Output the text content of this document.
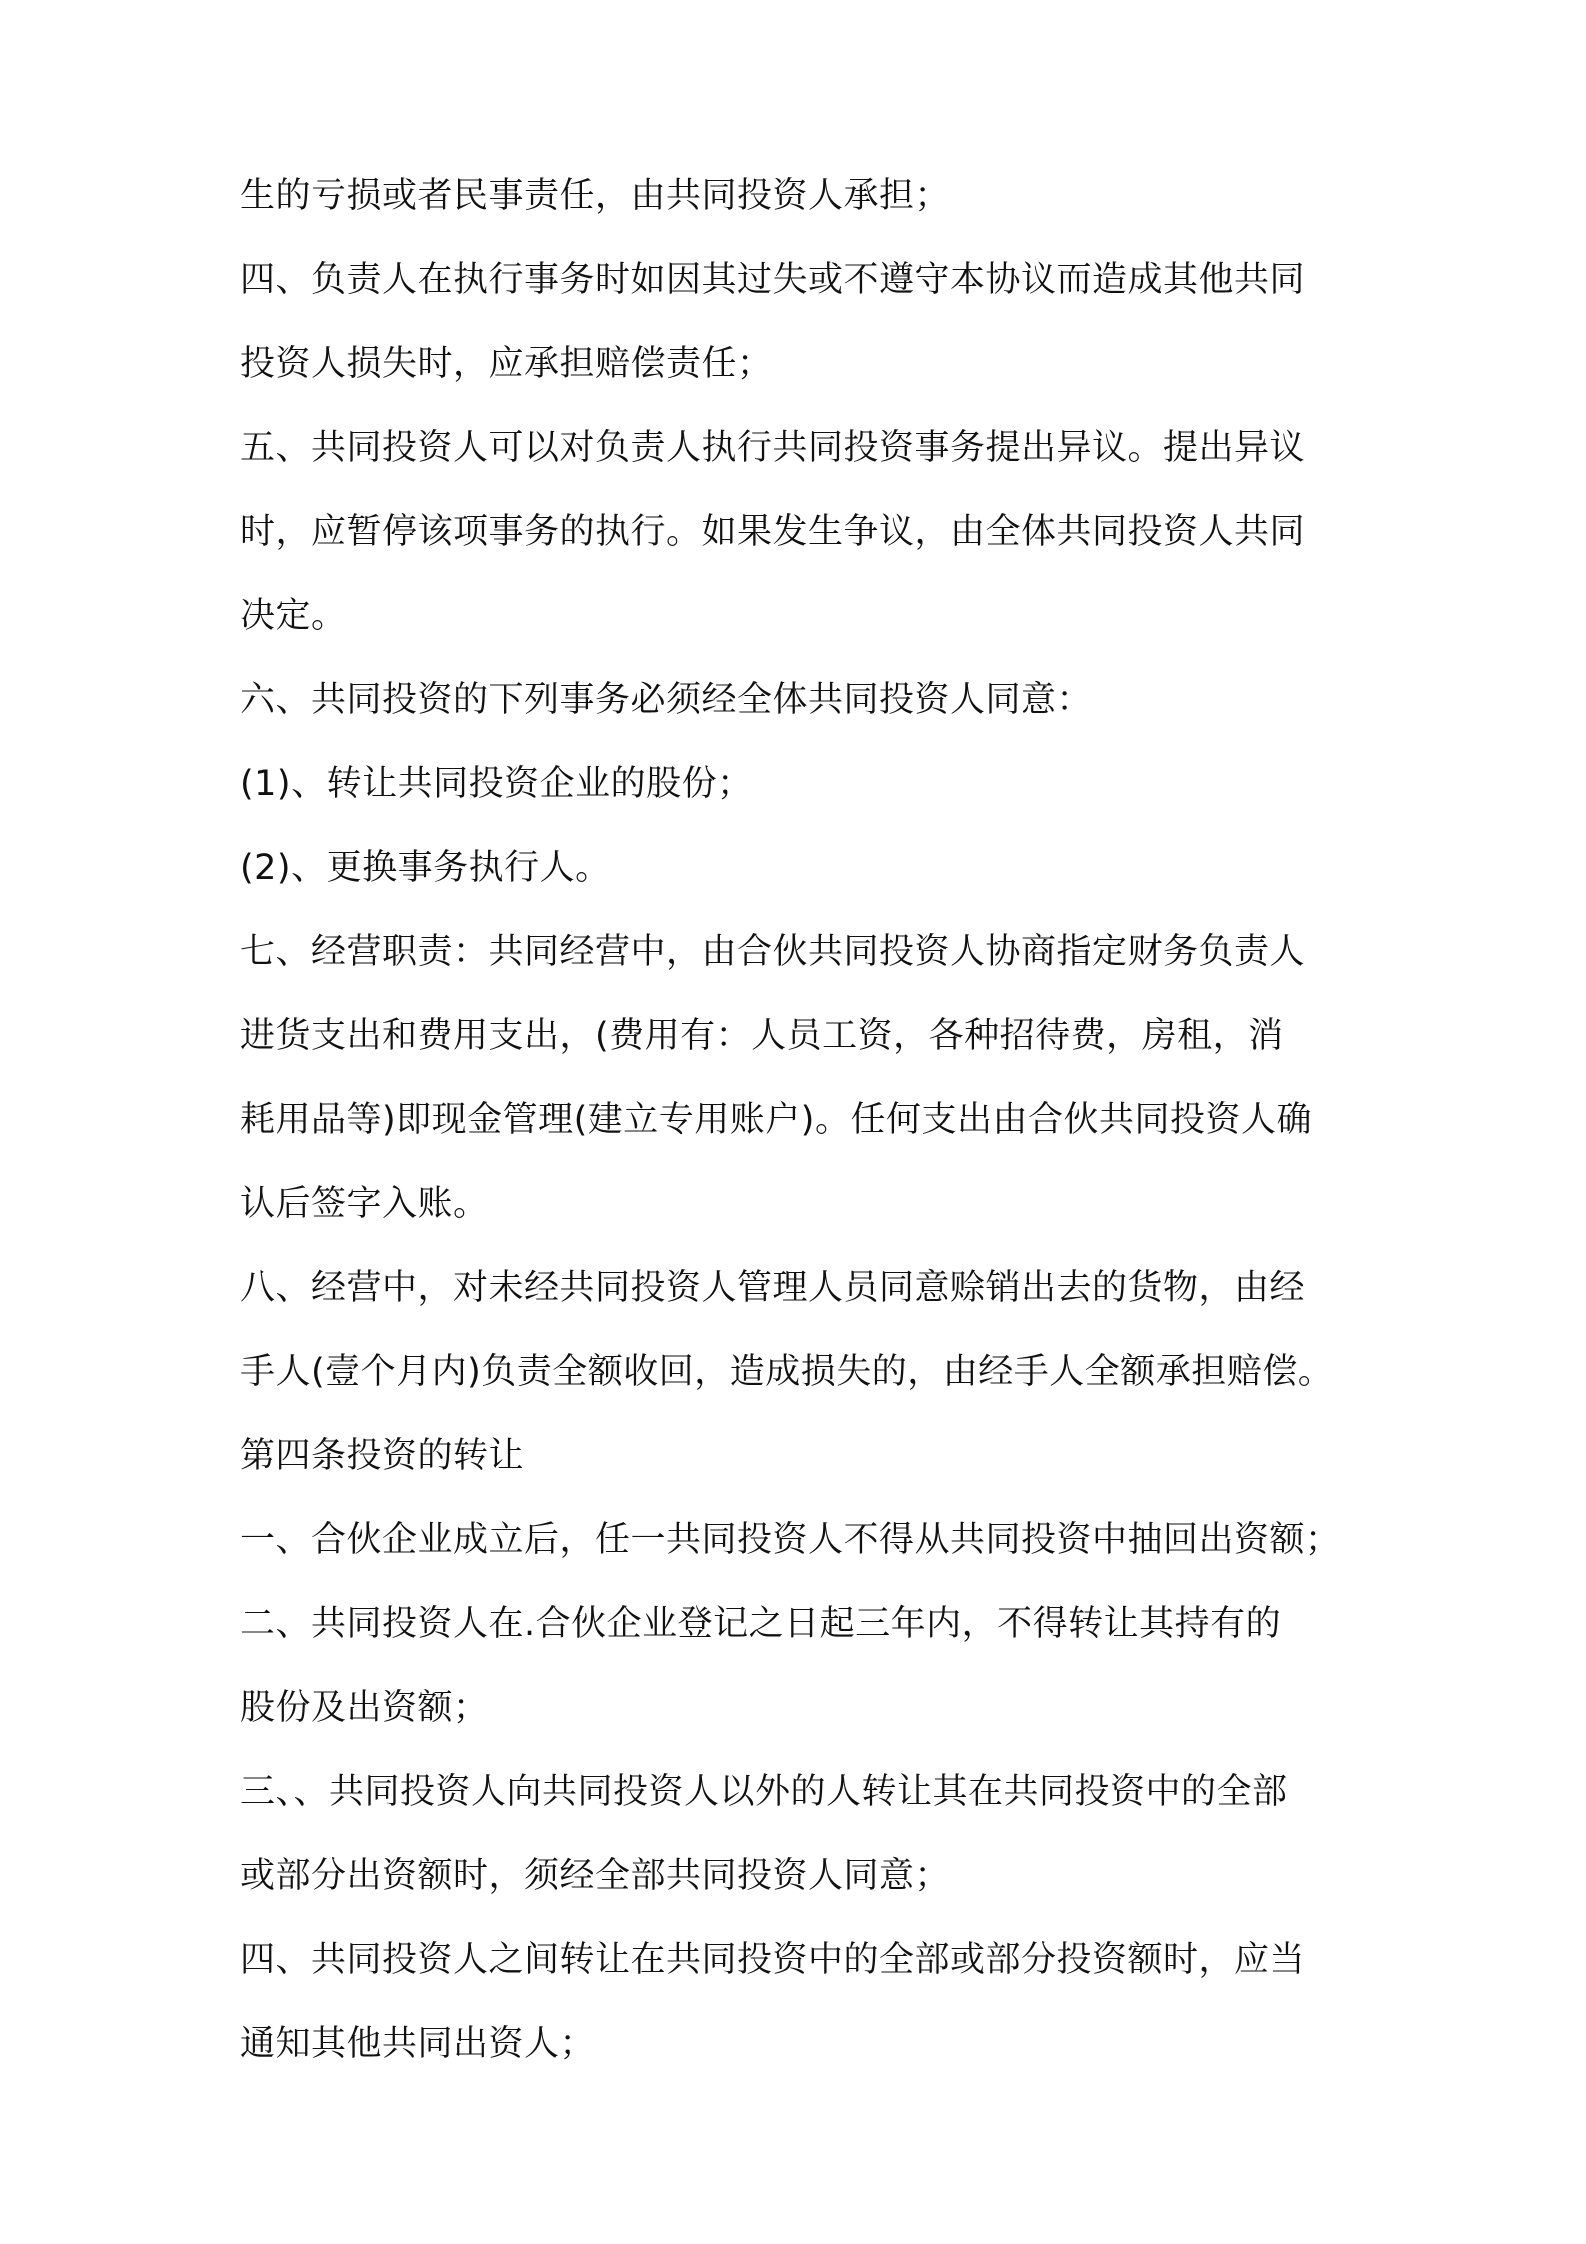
生的亏损或者民事责任，由共同投资人承担；
四、负责人在执行事务时如因其过失或不遵守本协议而造成其他共同
投资人损失时，应承担赔偿责任；
五、共同投资人可以对负责人执行共同投资事务提出异议。提出异议
时，应暂停该项事务的执行。如果发生争议，由全体共同投资人共同
决定。
六、共同投资的下列事务必须经全体共同投资人同意：
(1)、转让共同投资企业的股份；
(2)、更换事务执行人。
七、经营职责：共同经营中，由合伙共同投资人协商指定财务负责人
进货支出和费用支出，(费用有：人员工资，各种招待费，房租，消
耗用品等)即现金管理(建立专用账户)。任何支出由合伙共同投资人确
认后签字入账。
八、经营中，对未经共同投资人管理人员同意赊销出去的货物，由经
手人(壹个月内)负责全额收回，造成损失的，由经手人全额承担赔偿。
第四条投资的转让
一、合伙企业成立后，任一共同投资人不得从共同投资中抽回出资额；
二、共同投资人在.合伙企业登记之日起三年内，不得转让其持有的
股份及出资额；
三、、共同投资人向共同投资人以外的人转让其在共同投资中的全部
或部分出资额时，须经全部共同投资人同意；
四、共同投资人之间转让在共同投资中的全部或部分投资额时，应当
通知其他共同出资人；
